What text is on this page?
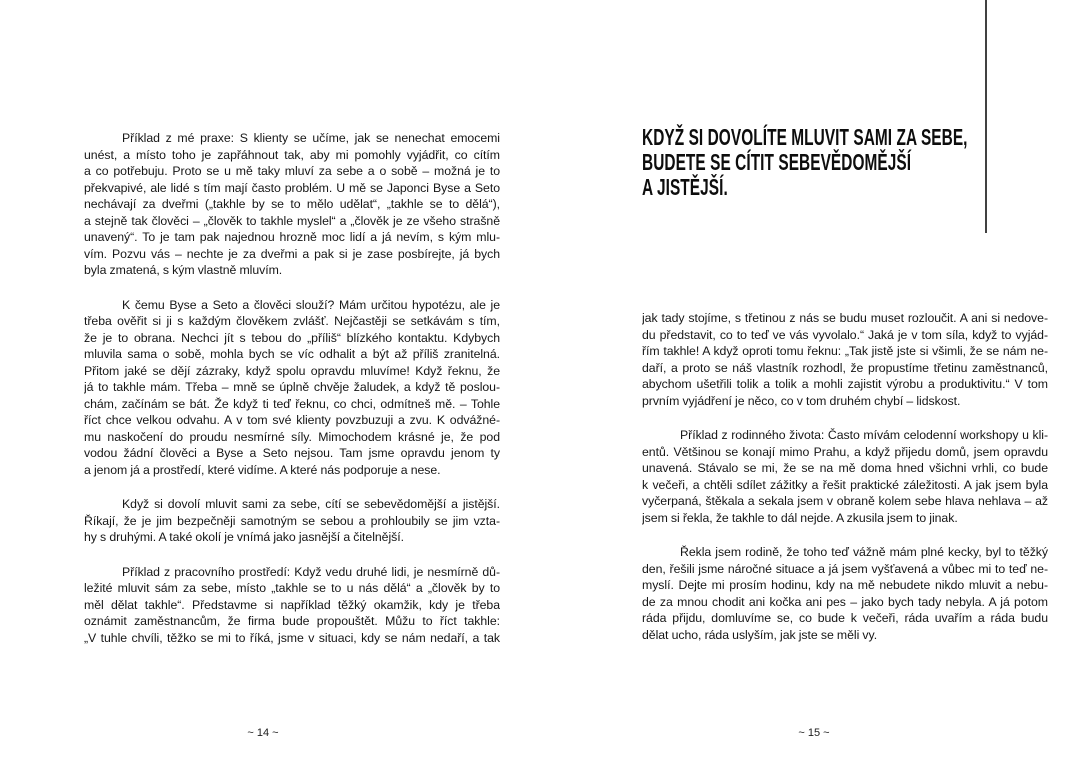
Příklad z mé praxe: S klienty se učíme, jak se nenechat emocemi
unést, a místo toho je zapřáhnout tak, aby mi pomohly vyjádřit, co cítím
a co potřebuju. Proto se u mě taky mluví za sebe a o sobě – možná je to
překvapivé, ale lidé s tím mají často problém. U mě se Japonci Byse a Seto
nechávají za dveřmi („takhle by se to mělo udělat“, „takhle se to dělá“),
a stejně tak člověci – „člověk to takhle myslel“ a „člověk je ze všeho strašně
unavený“. To je tam pak najednou hrozně moc lidí a já nevím, s kým mlu-
vím. Pozvu vás – nechte je za dveřmi a pak si je zase posbírejte, já bych
byla zmatená, s kým vlastně mluvím.
K čemu Byse a Seto a člověci slouží? Mám určitou hypotézu, ale je
třeba ověřit si ji s každým člověkem zvlášť. Nejčastěji se setkávám s tím,
že je to obrana. Nechci jít s tebou do „příliš“ blízkého kontaktu. Kdybych
mluvila sama o sobě, mohla bych se víc odhalit a být až příliš zranitelná.
Přitom jaké se dějí zázraky, když spolu opravdu mluvíme! Když řeknu, že
já to takhle mám. Třeba – mně se úplně chvěje žaludek, a když tě poslou-
chám, začínám se bát. Že když ti teď řeknu, co chci, odmítneš mě. – Tohle
říct chce velkou odvahu. A v tom své klienty povzbuzuji a zvu. K odvážné-
mu naskočení do proudu nesmírné síly. Mimochodem krásné je, že pod
vodou žádní člověci a Byse a Seto nejsou. Tam jsme opravdu jenom ty
a jenom já a prostředí, které vidíme. A které nás podporuje a nese.
Když si dovolí mluvit sami za sebe, cítí se sebevědomější a jistější.
Říkají, že je jim bezpečněji samotným se sebou a prohloubily se jim vzta-
hy s druhými. A také okolí je vnímá jako jasnější a čitelnější.
Příklad z pracovního prostředí: Když vedu druhé lidi, je nesmírně dů-
ležité mluvit sám za sebe, místo „takhle se to u nás dělá“ a „člověk by to
měl dělat takhle“. Představme si například těžký okamžik, kdy je třeba
oznámit zaměstnancům, že firma bude propouštět. Můžu to říct takhle:
„V tuhle chvíli, těžko se mi to říká, jsme v situaci, kdy se nám nedaří, a tak
KDYŽ SI DOVOLÍTE MLUVIT SAMI ZA SEBE,
BUDETE SE CÍTIT SEBEVĚDOMĚJŠÍ
A JISTĚJŠÍ.
jak tady stojíme, s třetinou z nás se budu muset rozloučit. A ani si nedove-
du představit, co to teď ve vás vyvolalo.“ Jaká je v tom síla, když to vyjád-
řím takhle! A když oproti tomu řeknu: „Tak jistě jste si všimli, že se nám ne-
daří, a proto se náš vlastník rozhodl, že propustíme třetinu zaměstnanců,
abychom ušetřili tolik a tolik a mohli zajistit výrobu a produktivitu.“ V tom
prvním vyjádření je něco, co v tom druhém chybí – lidskost.
Příklad z rodinného života: Často mívám celodenní workshopy u kli-
entů. Většinou se konají mimo Prahu, a když přijedu domů, jsem opravdu
unavená. Stávalo se mi, že se na mě doma hned všichni vrhli, co bude
k večeři, a chtěli sdílet zážitky a řešit praktické záležitosti. A jak jsem byla
vyčerpaná, štěkala a sekala jsem v obraně kolem sebe hlava nehlava – až
jsem si řekla, že takhle to dál nejde. A zkusila jsem to jinak.
Řekla jsem rodině, že toho teď vážně mám plné kecky, byl to těžký
den, řešili jsme náročné situace a já jsem vyšťavená a vůbec mi to teď ne-
myslí. Dejte mi prosím hodinu, kdy na mě nebudete nikdo mluvit a nebu-
de za mnou chodit ani kočka ani pes – jako bych tady nebyla. A já potom
ráda přijdu, domluvíme se, co bude k večeři, ráda uvařím a ráda budu
dělat ucho, ráda uslyším, jak jste se měli vy.
~ 14 ~	~ 15 ~
